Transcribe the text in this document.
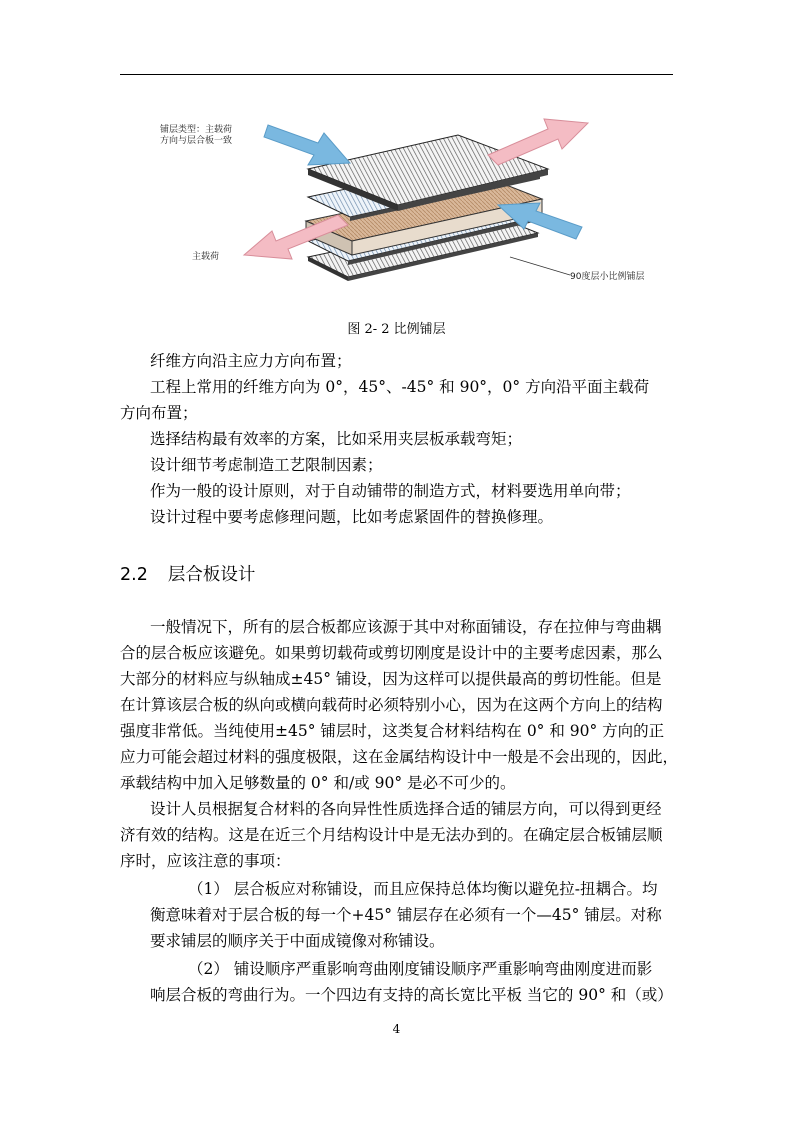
铺层类型：主载荷
方向与层合板一致
主载荷
90度层小比例铺层
图 2- 2 比例铺层
纤维方向沿主应力方向布置；
工程上常用的纤维方向为 0°，45°、-45° 和 90°，0° 方向沿平面主载荷
方向布置；
选择结构最有效率的方案，比如采用夹层板承载弯矩；
设计细节考虑制造工艺限制因素；
作为一般的设计原则，对于自动铺带的制造方式，材料要选用单向带；
设计过程中要考虑修理问题，比如考虑紧固件的替换修理。
2.2 层合板设计
一般情况下，所有的层合板都应该源于其中对称面铺设，存在拉伸与弯曲耦
合的层合板应该避免。如果剪切载荷或剪切刚度是设计中的主要考虑因素，那么
大部分的材料应与纵轴成±45° 铺设，因为这样可以提供最高的剪切性能。但是
在计算该层合板的纵向或横向载荷时必须特别小心，因为在这两个方向上的结构
强度非常低。当纯使用±45° 铺层时，这类复合材料结构在 0° 和 90° 方向的正
应力可能会超过材料的强度极限，这在金属结构设计中一般是不会出现的，因此，
承载结构中加入足够数量的 0° 和/或 90° 是必不可少的。
设计人员根据复合材料的各向异性性质选择合适的铺层方向，可以得到更经
济有效的结构。这是在近三个月结构设计中是无法办到的。在确定层合板铺层顺
序时，应该注意的事项：
（1） 层合板应对称铺设，而且应保持总体均衡以避免拉-扭耦合。均
衡意味着对于层合板的每一个+45° 铺层存在必须有一个—45° 铺层。对称
要求铺层的顺序关于中面成镜像对称铺设。
（2） 铺设顺序严重影响弯曲刚度铺设顺序严重影响弯曲刚度进而影
响层合板的弯曲行为。一个四边有支持的高长宽比平板 当它的 90° 和（或）
4
